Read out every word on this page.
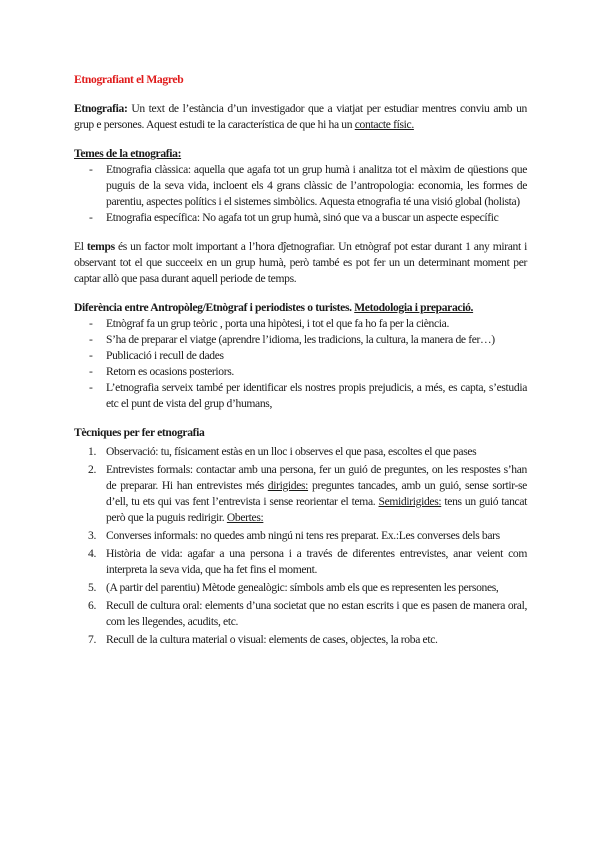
Etnografiant el Magreb

Etnografia: Un text de l’estància d’un investigador que a viatjat per estudiar mentres conviu amb un grup e persones. Aquest estudi te la característica de que hi ha un contacte físic.

Temes de la etnografia:

- Etnografia clàssica: aquella que agafa tot un grup humà i analitza tot el màxim de qüestions que puguis de la seva vida, incloent els 4 grans clàssic de l’antropologia: economia, les formes de parentiu, aspectes polítics i el sistemes simbòlics. Aquesta etnografia té una visió global (holista)
- Etnografia específica: No agafa tot un grup humà, sinó que va a buscar un aspecte específic

El temps és un factor molt important a l’hora dĵetnografiar. Un etnògraf pot estar durant 1 any mirant i observant tot el que succeeix en un grup humà, però també es pot fer un un determinant moment per captar allò que pasa durant aquell periode de temps.

Diferència entre Antropòleg/Etnògraf i periodistes o turistes. Metodologia i preparació.

- Etnògraf fa un grup teòric , porta una hipòtesi, i tot el que fa ho fa per la ciència.
- S’ha de preparar el viatge (aprendre l’idioma, les tradicions, la cultura, la manera de fer…)
- Publicació i recull de dades
- Retorn es ocasions posteriors.
- L’etnografia serveix també per identificar els nostres propis prejudicis, a més, es capta, s’estudia etc el punt de vista del grup d’humans,

Tècniques per fer etnografia

1. Observació: tu, físicament estàs en un lloc i observes el que pasa, escoltes el que pases
2. Entrevistes formals: contactar amb una persona, fer un guió de preguntes, on les respostes s’han de preparar. Hi han entrevistes més dirigides: preguntes tancades, amb un guió, sense sortir-se d’ell, tu ets qui vas fent l’entrevista i sense reorientar el tema. Semidirigides: tens un guió tancat però que la puguis redirigir. Obertes:
3. Converses informals: no quedes amb ningú ni tens res preparat. Ex.:Les converses dels bars
4. Història de vida: agafar a una persona i a través de diferentes entrevistes, anar veient com interpreta la seva vida, que ha fet fins el moment.
5. (A partir del parentiu) Mètode genealògic: símbols amb els que es representen les persones,
6. Recull de cultura oral: elements d’una societat que no estan escrits i que es pasen de manera oral, com les llegendes, acudits, etc.
7. Recull de la cultura material o visual: elements de cases, objectes, la roba etc.
